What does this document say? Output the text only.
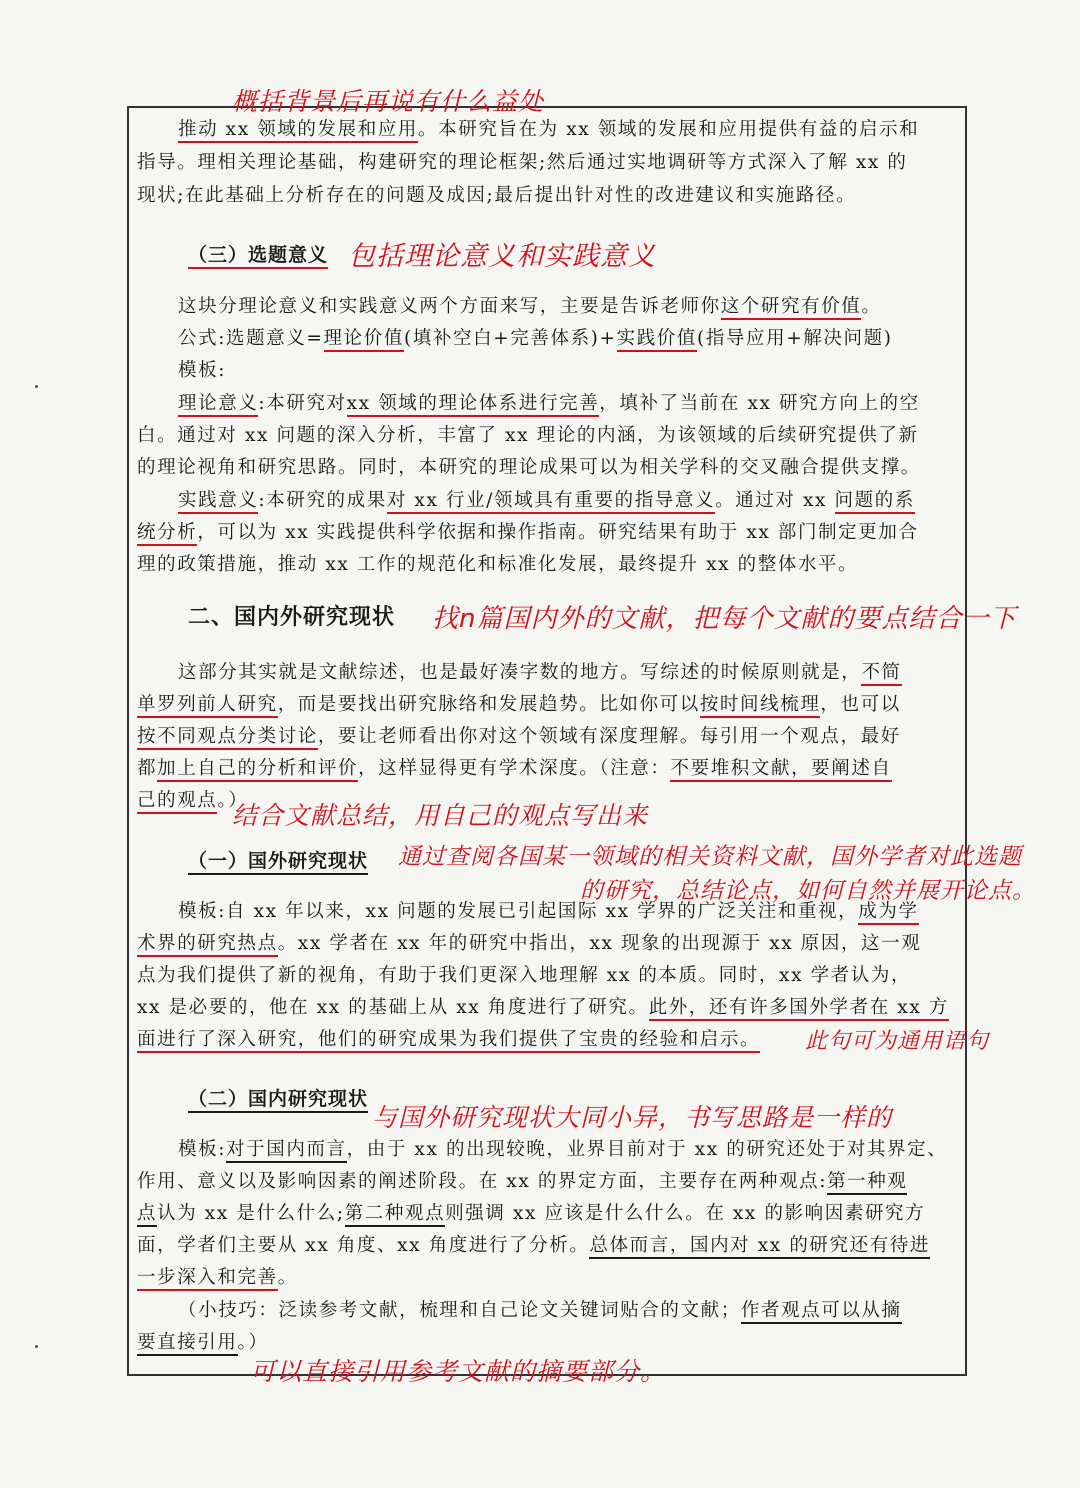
概括背景后再说有什么益处
推动 xx 领域的发展和应用。本研究旨在为 xx 领域的发展和应用提供有益的启示和
指导。理相关理论基础，构建研究的理论框架;然后通过实地调研等方式深入了解 xx 的
现状;在此基础上分析存在的问题及成因;最后提出针对性的改进建议和实施路径。
（三）选题意义 包括理论意义和实践意义
这块分理论意义和实践意义两个方面来写，主要是告诉老师你这个研究有价值。
公式:选题意义=理论价值(填补空白+完善体系)+实践价值(指导应用+解决问题)
模板:
理论意义:本研究对xx 领域的理论体系进行完善，填补了当前在 xx 研究方向上的空
白。通过对 xx 问题的深入分析，丰富了 xx 理论的内涵，为该领域的后续研究提供了新
的理论视角和研究思路。同时，本研究的理论成果可以为相关学科的交叉融合提供支撑。
实践意义:本研究的成果对 xx 行业/领域具有重要的指导意义。通过对 xx 问题的系
统分析，可以为 xx 实践提供科学依据和操作指南。研究结果有助于 xx 部门制定更加合
理的政策措施，推动 xx 工作的规范化和标准化发展，最终提升 xx 的整体水平。
二、国内外研究现状 找n篇国内外的文献，把每个文献的要点结合一下
这部分其实就是文献综述，也是最好凑字数的地方。写综述的时候原则就是，不简
单罗列前人研究，而是要找出研究脉络和发展趋势。比如你可以按时间线梳理，也可以
按不同观点分类讨论，要让老师看出你对这个领域有深度理解。每引用一个观点，最好
都加上自己的分析和评价，这样显得更有学术深度。（注意：不要堆积文献，要阐述自
己的观点。）
结合文献总结，用自己的观点写出来
（一）国外研究现状 通过查阅各国某一领域的相关资料文献，国外学者对此选题
的研究，总结论点，如何自然并展开论点。
模板:自 xx 年以来，xx 问题的发展已引起国际 xx 学界的广泛关注和重视，成为学
术界的研究热点。xx 学者在 xx 年的研究中指出，xx 现象的出现源于 xx 原因，这一观
点为我们提供了新的视角，有助于我们更深入地理解 xx 的本质。同时，xx 学者认为，
xx 是必要的，他在 xx 的基础上从 xx 角度进行了研究。此外，还有许多国外学者在 xx 方
面进行了深入研究，他们的研究成果为我们提供了宝贵的经验和启示。	此句可为通用语句
（二）国内研究现状
与国外研究现状大同小异，书写思路是一样的
模板:对于国内而言，由于 xx 的出现较晚，业界目前对于 xx 的研究还处于对其界定、
作用、意义以及影响因素的阐述阶段。在 xx 的界定方面，主要存在两种观点:第一种观
点认为 xx 是什么什么;第二种观点则强调 xx 应该是什么什么。在 xx 的影响因素研究方
面，学者们主要从 xx 角度、xx 角度进行了分析。总体而言，国内对 xx 的研究还有待进
一步深入和完善。
（小技巧：泛读参考文献，梳理和自己论文关键词贴合的文献；作者观点可以从摘
要直接引用。）
可以直接引用参考文献的摘要部分。
